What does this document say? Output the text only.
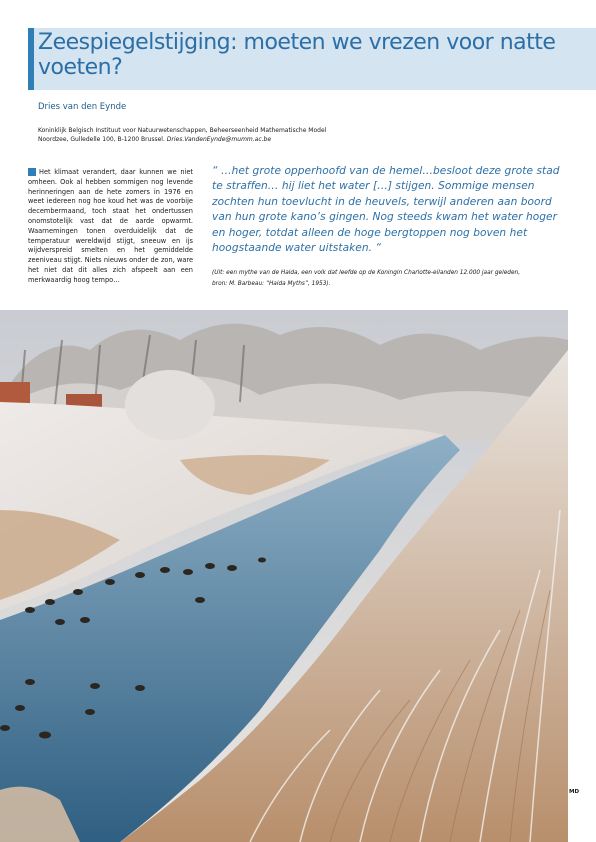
Zeespiegelstijging: moeten we vrezen voor natte voeten?
Dries van den Eynde
Koninklijk Belgisch Instituut voor Natuurwetenschappen, Beheerseenheid Mathematische Model
Noordzee, Gulledelle 100, B-1200 Brussel. Dries.VandenEynde@mumm.ac.be

Het klimaat verandert, daar kunnen we niet omheen. Ook al hebben sommigen nog levende herinneringen aan de hete zomers in 1976 en weet iedereen nog hoe koud het was de voorbije decembermaand, toch staat het ondertussen onomstotelijk vast dat de aarde opwarmt. Waarnemingen tonen overduidelijk dat de temperatuur wereldwijd stijgt, sneeuw en ijs wijdverspreid smelten en het gemiddelde zeeniveau stijgt. Niets nieuws onder de zon, ware het niet dat dit alles zich afspeelt aan een merkwaardig hoog tempo…

“ …het grote opperhoofd van de hemel…besloot deze grote stad te straffen… hij liet het water […] stijgen. Sommige mensen zochten hun toevlucht in de heuvels, terwijl anderen aan boord van hun grote kano’s gingen. Nog steeds kwam het water hoger en hoger, totdat alleen de hoge bergtoppen nog boven het hoogstaande water uitstaken. “
(Uit: een mythe van de Haida, een volk dat leefde op de Koningin Charlotte-eilanden 12.000 jaar geleden,
bron: M. Barbeau: “Haida Myths”, 1953).
MD
